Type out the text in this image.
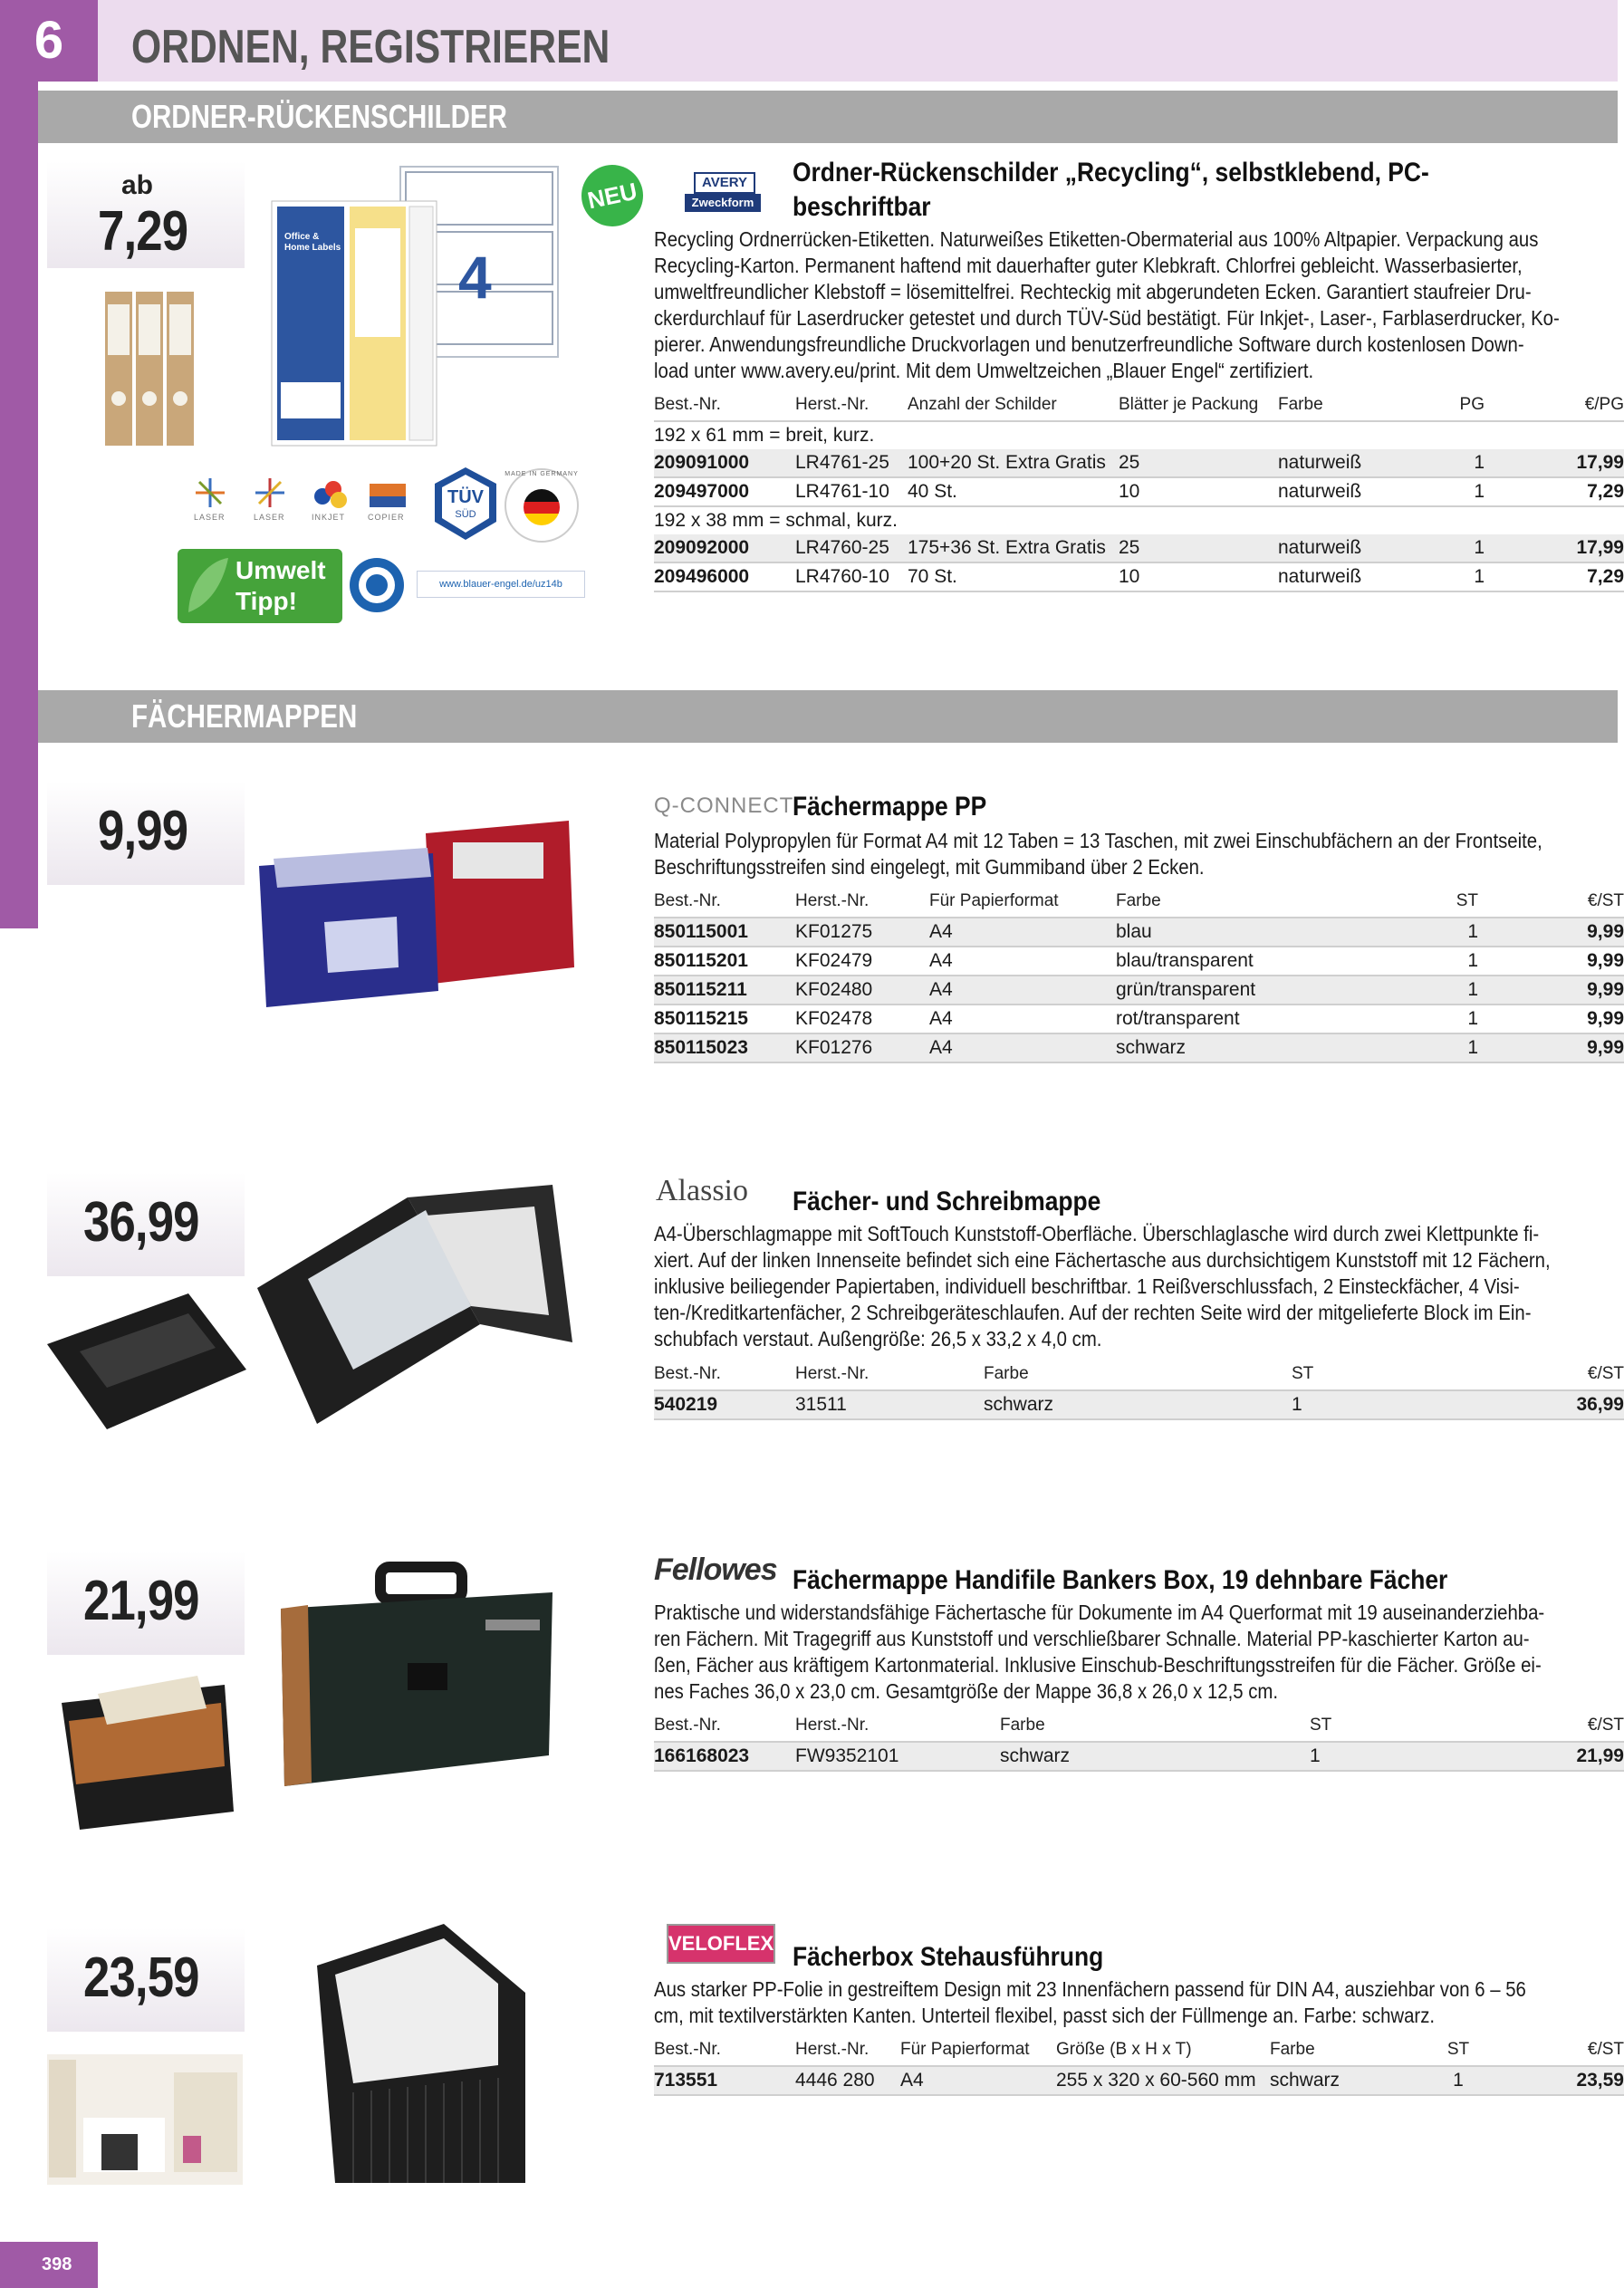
6	ORDNEN, REGISTRIEREN
ORDNER-RÜCKENSCHILDER
ab
7,29
4
Office & Home Labels
LASER	LASER	INKJET	COPIER
TÜV
SÜD
MADE IN GERMANY
Umwelt
Tipp!
www.blauer-engel.de/uz14b
NEU	AVERY
Zweckform
Ordner-Rückenschilder „Recycling“, selbstklebend, PC-
beschriftbar
Recycling Ordnerrücken-Etiketten. Naturweißes Etiketten-Obermaterial aus 100% Altpapier. Verpackung aus
Recycling-Karton. Permanent haftend mit dauerhafter guter Klebkraft. Chlorfrei gebleicht. Wasserbasierter,
umweltfreundlicher Klebstoff = lösemittelfrei. Rechteckig mit abgerundeten Ecken. Garantiert staufreier Dru-
ckerdurchlauf für Laserdrucker getestet und durch TÜV-Süd bestätigt. Für Inkjet-, Laser-, Farblaserdrucker, Ko-
pierer. Anwendungsfreundliche Druckvorlagen und benutzerfreundliche Software durch kostenlosen Down-
load unter www.avery.eu/print. Mit dem Umweltzeichen „Blauer Engel“ zertifiziert.
Best.-Nr.	Herst.-Nr.	Anzahl der Schilder	Blätter je Packung	Farbe	PG	€/PG
192 x 61 mm = breit, kurz.						
209091000	LR4761-25	100+20 St. Extra Gratis	25	naturweiß	1	17,99
209497000	LR4761-10	40 St.	10	naturweiß	1	7,29
192 x 38 mm = schmal, kurz.						
209092000	LR4760-25	175+36 St. Extra Gratis	25	naturweiß	1	17,99
209496000	LR4760-10	70 St.	10	naturweiß	1	7,29
FÄCHERMAPPEN
9,99	Q-CONNECT
Fächermappe PP
Material Polypropylen für Format A4 mit 12 Taben = 13 Taschen, mit zwei Einschubfächern an der Frontseite,
Beschriftungsstreifen sind eingelegt, mit Gummiband über 2 Ecken.
Best.-Nr.	Herst.-Nr.	Für Papierformat	Farbe	ST	€/ST
850115001	KF01275	A4	blau	1	9,99
850115201	KF02479	A4	blau/transparent	1	9,99
850115211	KF02480	A4	grün/transparent	1	9,99
850115215	KF02478	A4	rot/transparent	1	9,99
850115023	KF01276	A4	schwarz	1	9,99
36,99
Alassio Fächer- und Schreibmappe
A4-Überschlagmappe mit SoftTouch Kunststoff-Oberfläche. Überschlaglasche wird durch zwei Klettpunkte fi-
xiert. Auf der linken Innenseite befindet sich eine Fächertasche aus durchsichtigem Kunststoff mit 12 Fächern,
inklusive beiliegender Papiertaben, individuell beschriftbar. 1 Reißverschlussfach, 2 Einsteckfächer, 4 Visi-
ten-/Kreditkartenfächer, 2 Schreibgeräteschlaufen. Auf der rechten Seite wird der mitgelieferte Block im Ein-
schubfach verstaut. Außengröße: 26,5 x 33,2 x 4,0 cm.
Best.-Nr.	Herst.-Nr.	Farbe	ST	€/ST
540219	31511	schwarz	1	36,99
21,99	Fellowes Fächermappe Handifile Bankers Box, 19 dehnbare Fächer
Praktische und widerstandsfähige Fächertasche für Dokumente im A4 Querformat mit 19 auseinanderziehba-
ren Fächern. Mit Tragegriff aus Kunststoff und verschließbarer Schnalle. Material PP-kaschierter Karton au-
ßen, Fächer aus kräftigem Kartonmaterial. Inklusive Einschub-Beschriftungsstreifen für die Fächer. Größe ei-
nes Faches 36,0 x 23,0 cm. Gesamtgröße der Mappe 36,8 x 26,0 x 12,5 cm.
Best.-Nr.	Herst.-Nr.	Farbe	ST	€/ST
166168023	FW9352101	schwarz	1	21,99
23,59
VELOFLEX Fächerbox Stehausführung
Aus starker PP-Folie in gestreiftem Design mit 23 Innenfächern passend für DIN A4, ausziehbar von 6 – 56
cm, mit textilverstärkten Kanten. Unterteil flexibel, passt sich der Füllmenge an. Farbe: schwarz.
Best.-Nr.	Herst.-Nr.	Für Papierformat	Größe (B x H x T)	Farbe	ST	€/ST
713551	4446 280	A4	255 x 320 x 60-560 mm	schwarz	1	23,59
398
